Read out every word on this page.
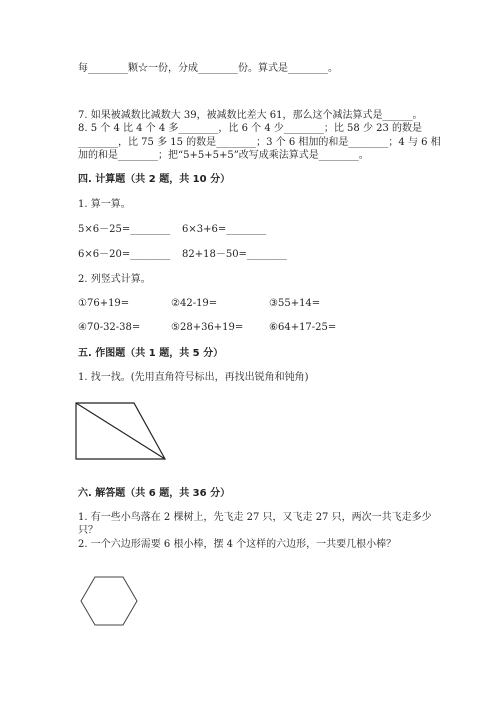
每________颗☆一份，分成________份。算式是________。
7. 如果被减数比减数大 39，被减数比差大 61，那么这个减法算式是______。
8. 5 个 4 比 4 个 4 多________，比 6 个 4 少________；比 58 少 23 的数是
________，比 75 多 15 的数是________；3 个 6 相加的和是________；4 与 6 相
加的和是________；把“5+5+5+5”改写成乘法算式是________。
四. 计算题（共 2 题，共 10 分）
1. 算一算。
5×6－25=________ 6×3+6=________
6×6－20=________ 82+18－50=________
2. 列竖式计算。
①76+19=	②42-19=	③55+14=
④70-32-38=	⑤28+36+19=	⑥64+17-25=
五. 作图题（共 1 题，共 5 分）
1. 找一找。(先用直角符号标出，再找出锐角和钝角)
六. 解答题（共 6 题，共 36 分）
1. 有一些小鸟落在 2 棵树上，先飞走 27 只，又飞走 27 只，两次一共飞走多少
只？
2. 一个六边形需要 6 根小棒，摆 4 个这样的六边形，一共要几根小棒？
